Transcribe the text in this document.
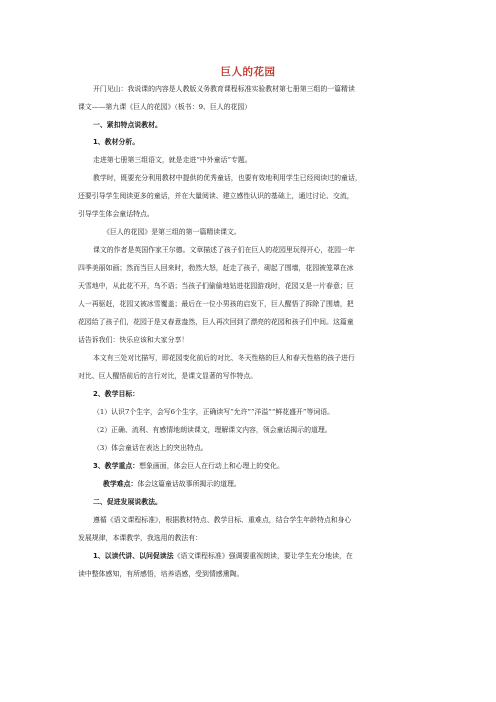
巨人的花园
开门见山：我说课的内容是人教版义务教育课程标准实验教材第七册第三组的一篇精读
课文——第九课《巨人的花园》（板书：9、巨人的花园）
一、紧扣特点说教材。
1、教材分析。
走进第七册第三组语文，就是走进“中外童话”专题。
教学时，既要充分利用教材中提供的优秀童话，也要有效地利用学生已经阅读过的童话，
还要引导学生阅读更多的童话，并在大量阅读、建立感性认识的基础上，通过讨论、交流，
引导学生体会童话特点。
《巨人的花园》是第三组的第一篇精读课文。
课文的作者是英国作家王尔德。文章描述了孩子们在巨人的花园里玩得开心，花园一年
四季美丽如画；然而当巨人回来时，勃然大怒，赶走了孩子，砌起了围墙，花园被笼罩在冰
天雪地中，从此花不开，鸟不语；当孩子们偷偷地钻进花园游戏时，花园又是一片春意；巨
人一再驱赶，花园又被冰雪覆盖；最后在一位小男孩的启发下，巨人醒悟了拆除了围墙，把
花园给了孩子们，花园于是又春意盎然，巨人再次回到了漂亮的花园和孩子们中间。这篇童
话告诉我们：快乐应该和大家分享！
本文有三处对比描写，即花园变化前后的对比、冬天性格的巨人和春天性格的孩子进行
对比、巨人醒悟前后的言行对比，是课文显著的写作特点。
2、教学目标：
（1）认识7个生字，会写6个生字，正确读写“允许”“洋溢”“鲜花盛开”等词语。
（2）正确、流利、有感情地朗读课文，理解课文内容，领会童话揭示的道理。
（3）体会童话在表达上的突出特点。
3、教学重点：想象画面，体会巨人在行动上和心理上的变化。
教学难点：体会这篇童话故事所揭示的道理。
二、促进发展说教法。
遵循《语文课程标准》，根据教材特点、教学目标、重难点，结合学生年龄特点和身心
发展规律，本课教学，我选用的教法有：
1、以读代讲、以问促读法《语文课程标准》强调要重视朗读，要让学生充分地读，在
读中整体感知，有所感悟，培养语感，受到情感熏陶。
